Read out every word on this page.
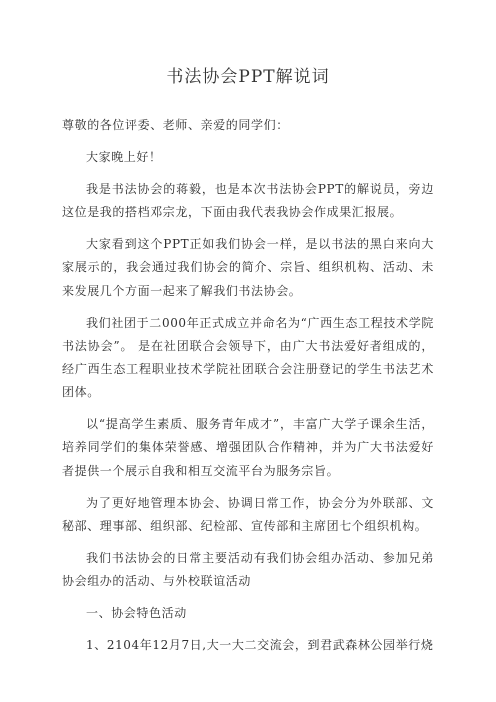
书法协会PPT解说词

尊敬的各位评委、老师、亲爱的同学们：

大家晚上好！

我是书法协会的蒋毅，也是本次书法协会PPT的解说员，旁边这位是我的搭档邓宗龙，下面由我代表我协会作成果汇报展。

大家看到这个PPT正如我们协会一样，是以书法的黑白来向大家展示的，我会通过我们协会的简介、宗旨、组织机构、活动、未来发展几个方面一起来了解我们书法协会。

我们社团于二000年正式成立并命名为“广西生态工程技术学院书法协会”。 是在社团联合会领导下，由广大书法爱好者组成的，经广西生态工程职业技术学院社团联合会注册登记的学生书法艺术团体。

以“提高学生素质、服务青年成才”，丰富广大学子课余生活，培养同学们的集体荣誉感、增强团队合作精神，并为广大书法爱好者提供一个展示自我和相互交流平台为服务宗旨。

为了更好地管理本协会、协调日常工作，协会分为外联部、文秘部、理事部、组织部、纪检部、宣传部和主席团七个组织机构。

我们书法协会的日常主要活动有我们协会组办活动、参加兄弟协会组办的活动、与外校联谊活动

一、协会特色活动

1、2104年12月7日,大一大二交流会，到君武森林公园举行烧
